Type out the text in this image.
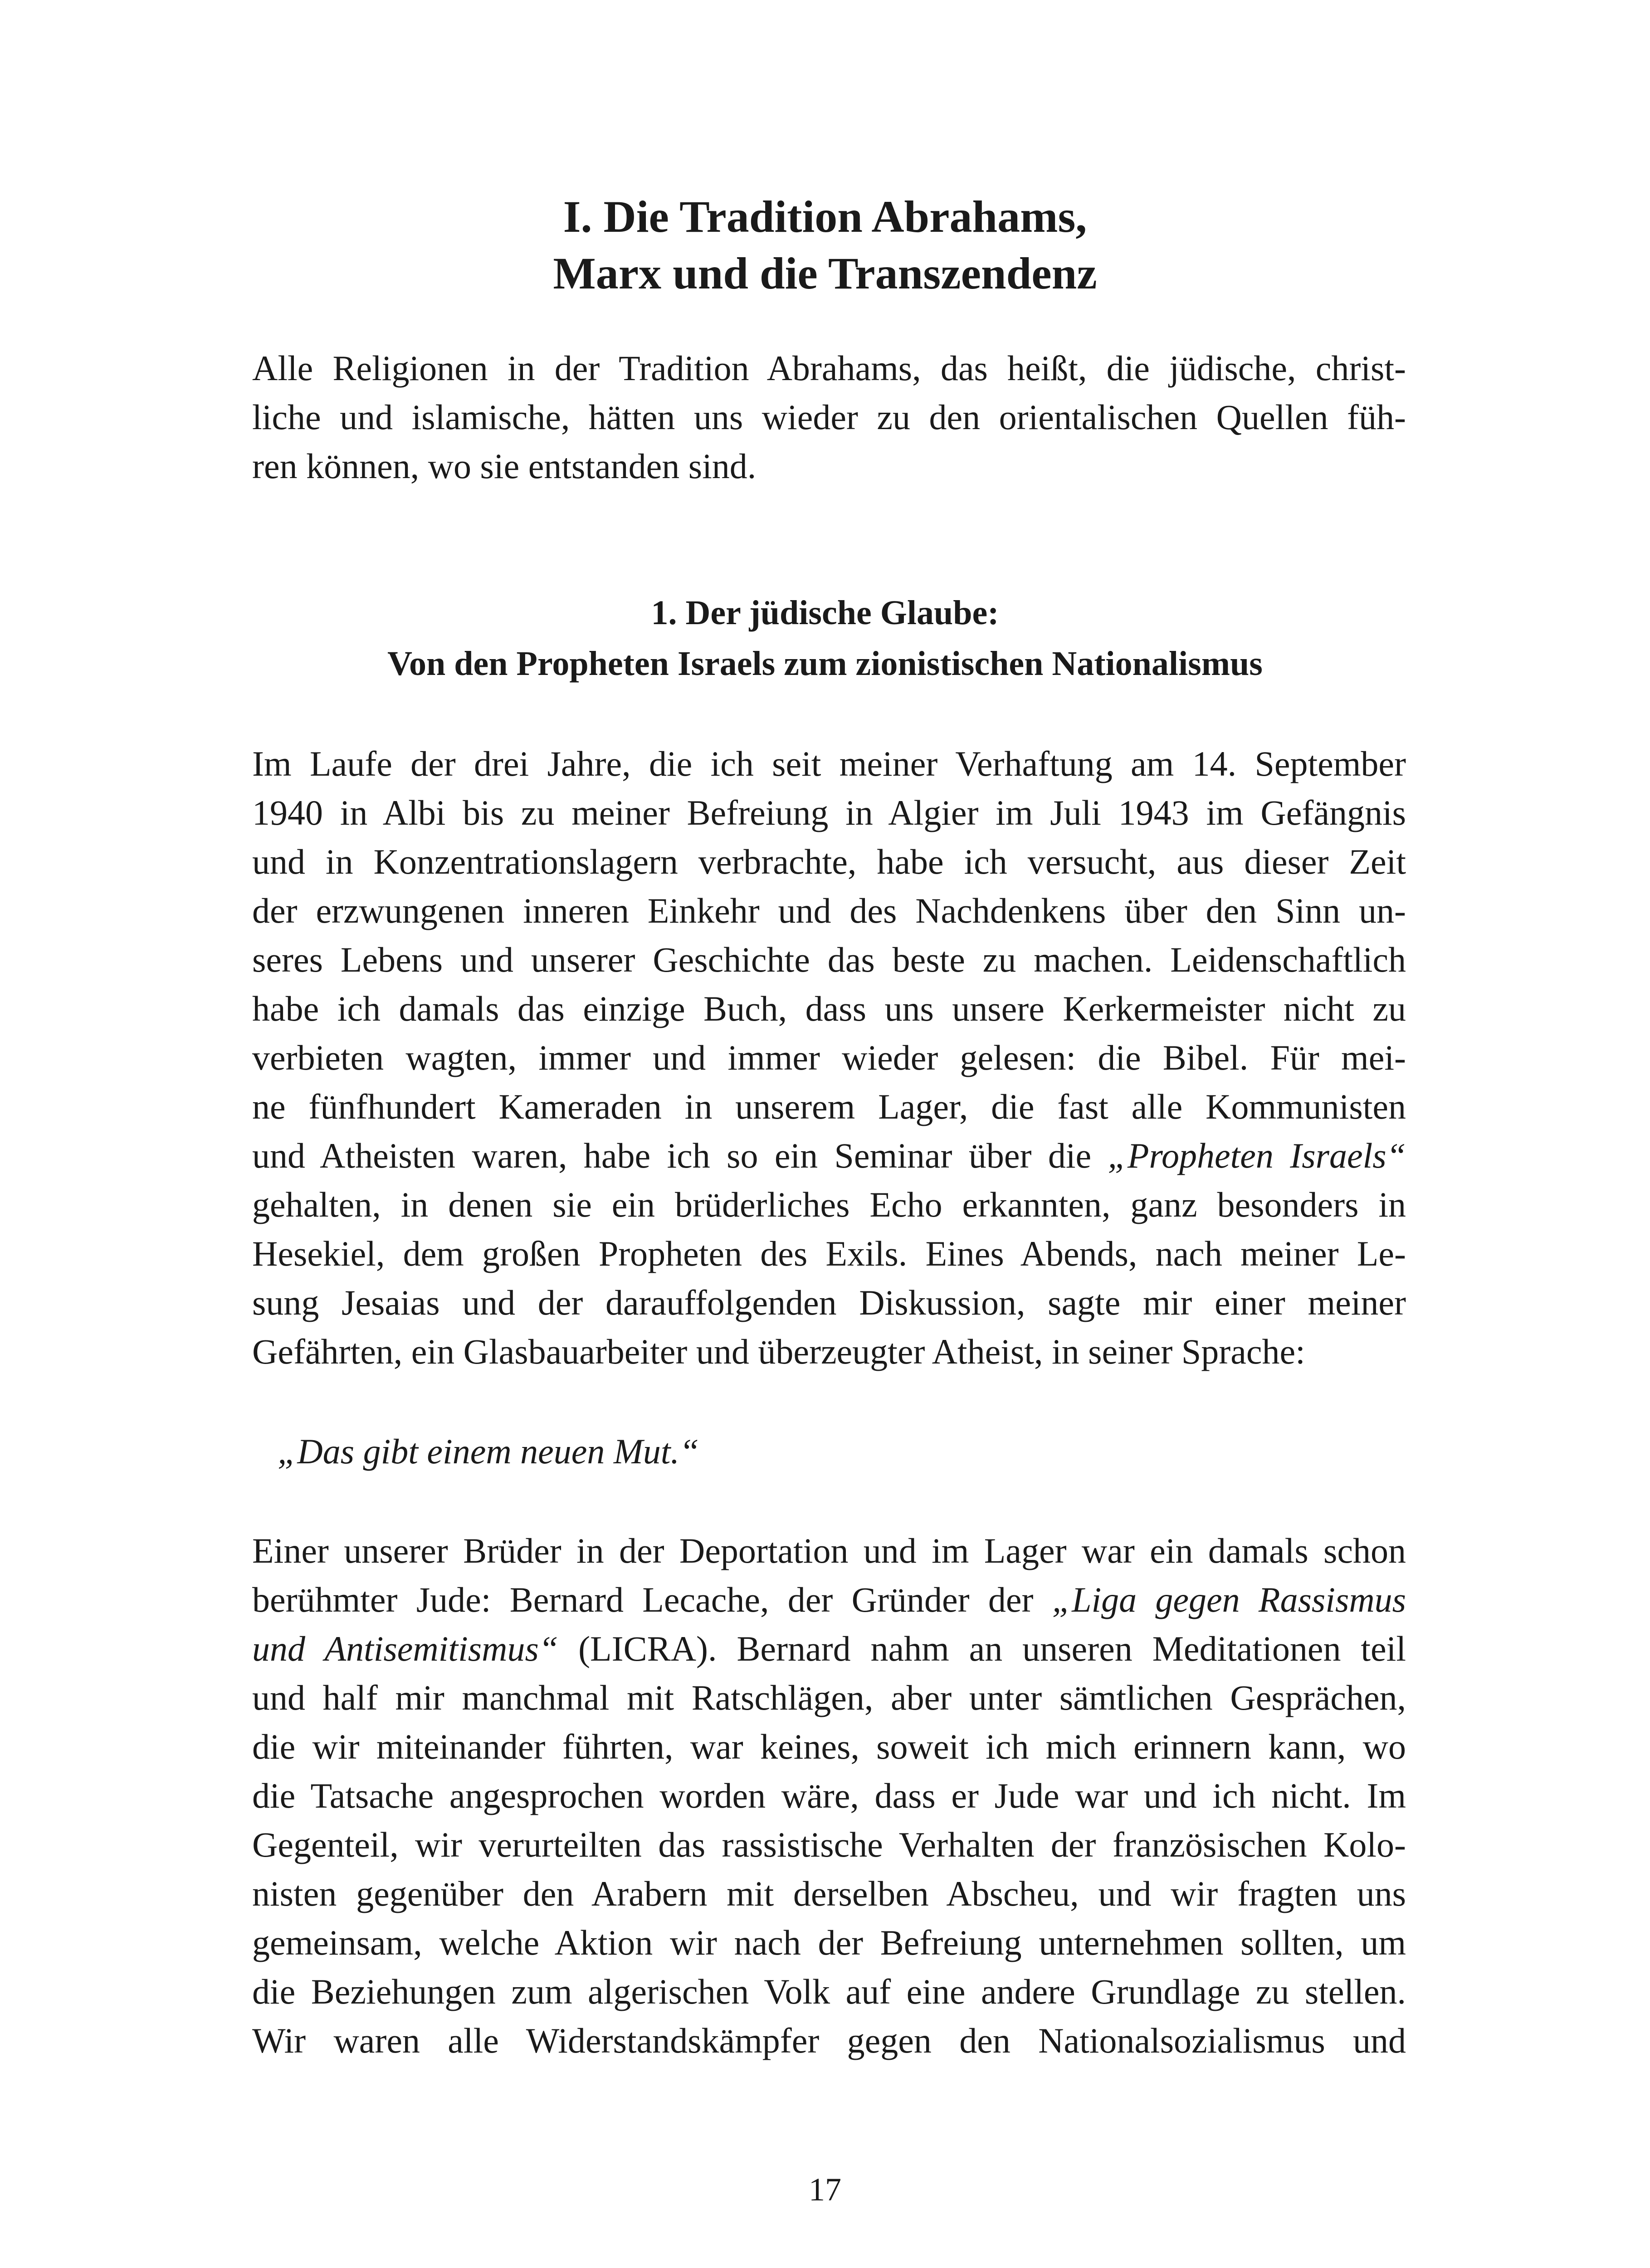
I. Die Tradition Abrahams,
Marx und die Transzendenz
Alle Religionen in der Tradition Abrahams, das heißt, die jüdische, christ-
liche und islamische, hätten uns wieder zu den orientalischen Quellen füh-
ren können, wo sie entstanden sind.
1. Der jüdische Glaube:
Von den Propheten Israels zum zionistischen Nationalismus
Im Laufe der drei Jahre, die ich seit meiner Verhaftung am 14. September
1940 in Albi bis zu meiner Befreiung in Algier im Juli 1943 im Gefängnis
und in Konzentrationslagern verbrachte, habe ich versucht, aus dieser Zeit
der erzwungenen inneren Einkehr und des Nachdenkens über den Sinn un-
seres Lebens und unserer Geschichte das beste zu machen. Leidenschaftlich
habe ich damals das einzige Buch, dass uns unsere Kerkermeister nicht zu
verbieten wagten, immer und immer wieder gelesen: die Bibel. Für mei-
ne fünfhundert Kameraden in unserem Lager, die fast alle Kommunisten
und Atheisten waren, habe ich so ein Seminar über die „Propheten Israels“
gehalten, in denen sie ein brüderliches Echo erkannten, ganz besonders in
Hesekiel, dem großen Propheten des Exils. Eines Abends, nach meiner Le-
sung Jesaias und der darauffolgenden Diskussion, sagte mir einer meiner
Gefährten, ein Glasbauarbeiter und überzeugter Atheist, in seiner Sprache:
„Das gibt einem neuen Mut.“
Einer unserer Brüder in der Deportation und im Lager war ein damals schon
berühmter Jude: Bernard Lecache, der Gründer der „Liga gegen Rassismus
und Antisemitismus“ (LICRA). Bernard nahm an unseren Meditationen teil
und half mir manchmal mit Ratschlägen, aber unter sämtlichen Gesprächen,
die wir miteinander führten, war keines, soweit ich mich erinnern kann, wo
die Tatsache angesprochen worden wäre, dass er Jude war und ich nicht. Im
Gegenteil, wir verurteilten das rassistische Verhalten der französischen Kolo-
nisten gegenüber den Arabern mit derselben Abscheu, und wir fragten uns
gemeinsam, welche Aktion wir nach der Befreiung unternehmen sollten, um
die Beziehungen zum algerischen Volk auf eine andere Grundlage zu stellen.
Wir waren alle Widerstandskämpfer gegen den Nationalsozialismus und
17
